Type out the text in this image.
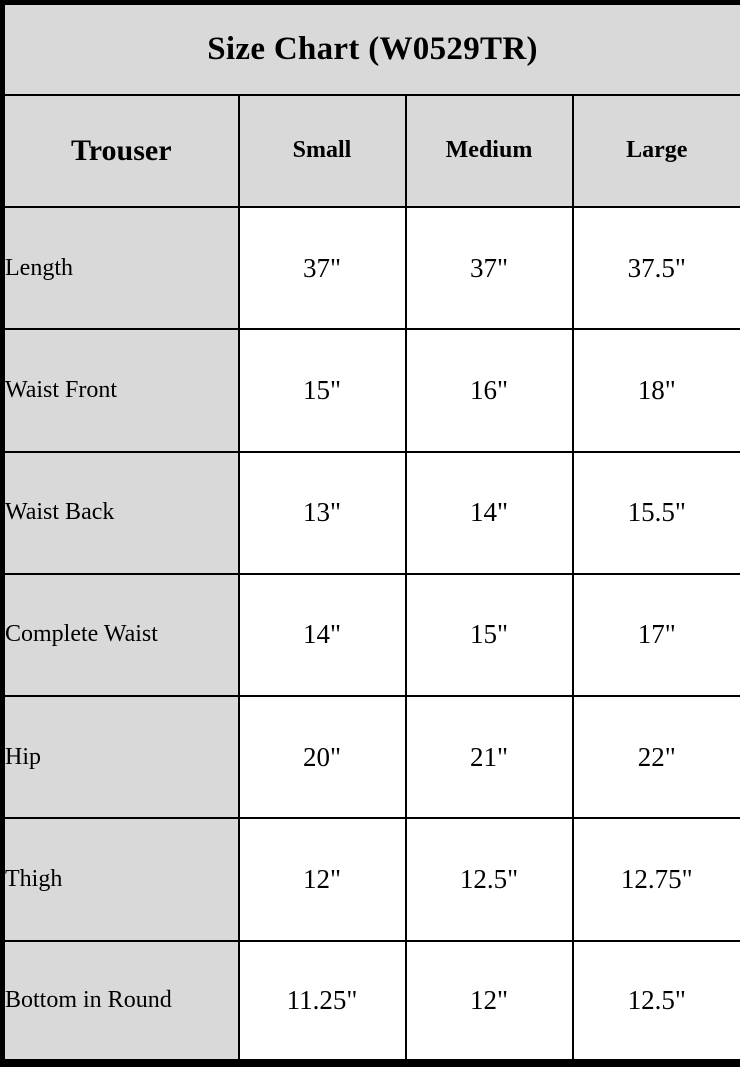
Size Chart (W0529TR)			
Trouser	Small	Medium	Large
Length	37"	37"	37.5"
Waist Front	15"	16"	18"
Waist Back	13"	14"	15.5"
Complete Waist	14"	15"	17"
Hip	20"	21"	22"
Thigh	12"	12.5"	12.75"
Bottom in Round	11.25"	12"	12.5"
